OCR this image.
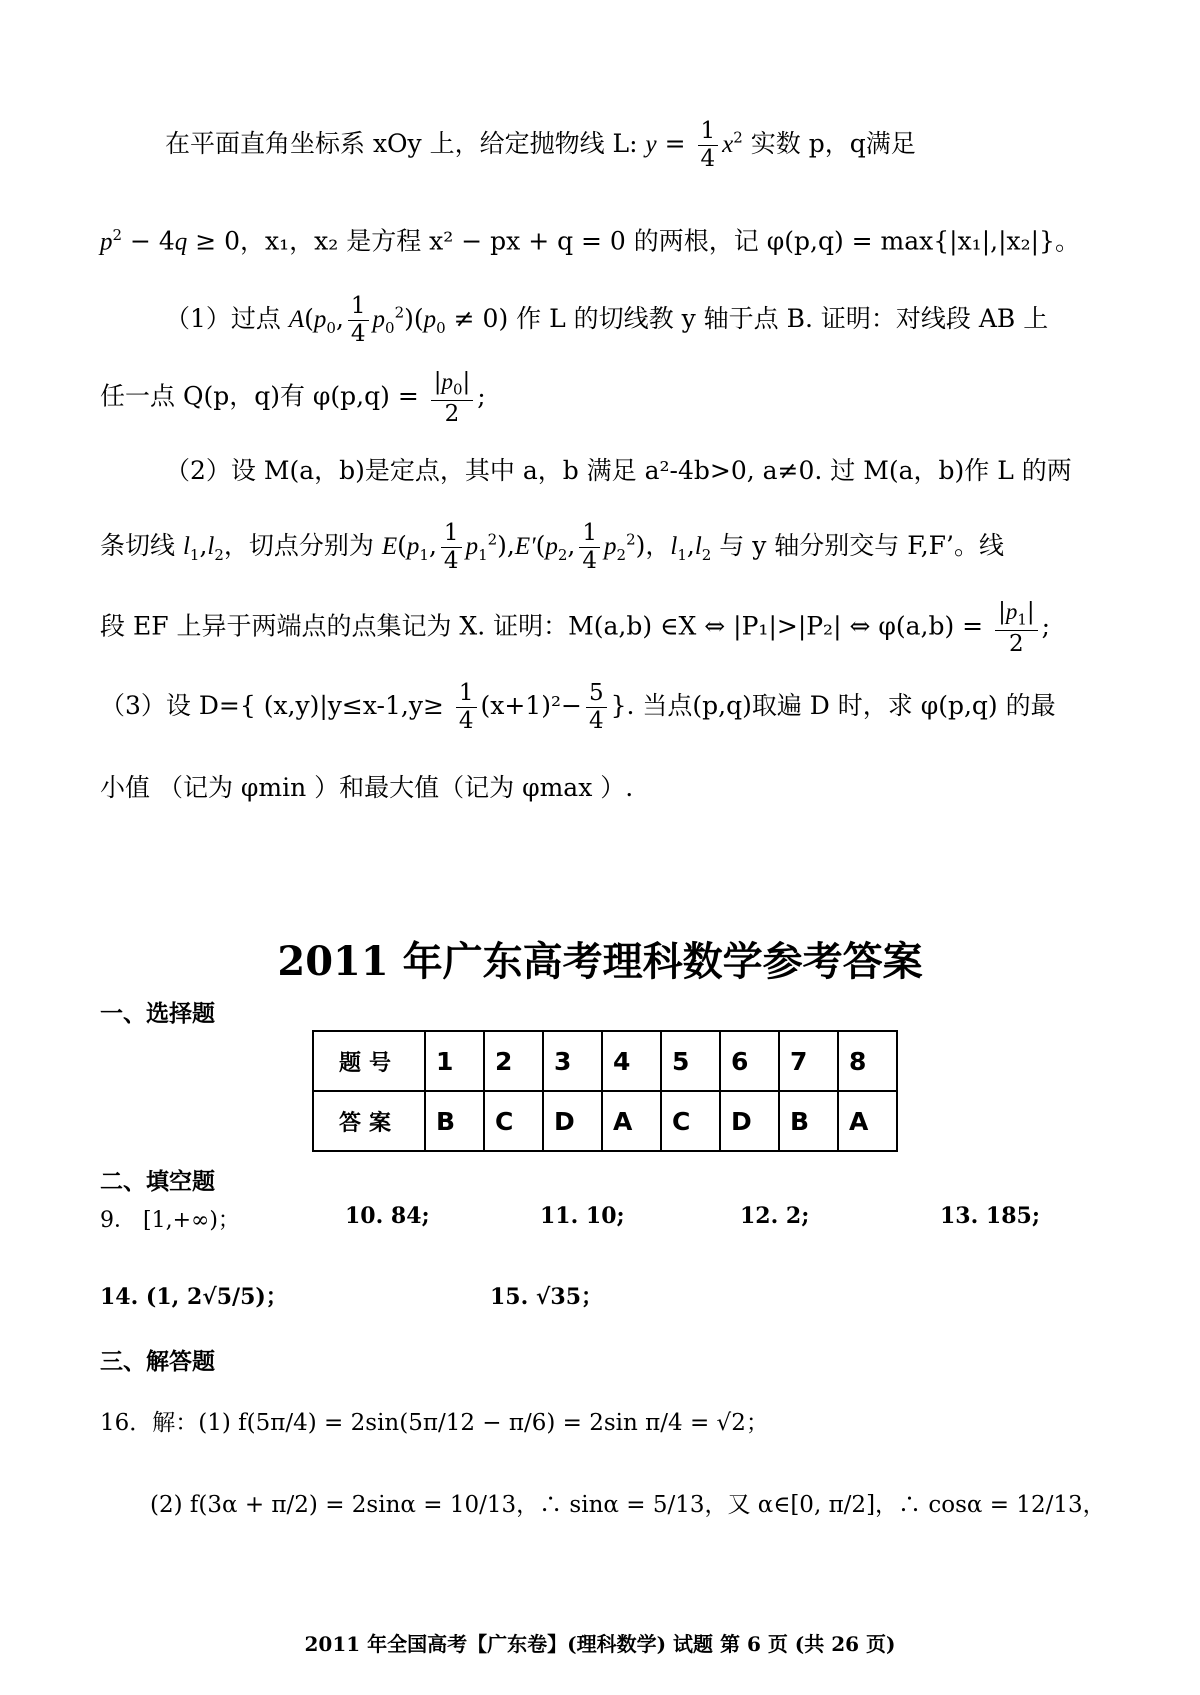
在平面直角坐标系 xOy 上，给定抛物线 L: $y = \frac{1}{4} x^2$ 实数 p，q满足
$p^2 - 4q \ge 0$，x₁，x₂ 是方程 x² − px + q = 0 的两根，记 φ(p,q) = max{|x₁|,|x₂|}。
（1）过点 $A(p_0$, $\frac{1}{4} p_0^2)(p_0 \ne 0)$ 作 L 的切线教 y 轴于点 B. 证明：对线段 AB 上
任一点 Q(p，q)有 $\varphi(p,q) = \frac{|p_0|}{2}$ ;
（2）设 M(a，b)是定点，其中 a，b 满足 a²-4b>0, a≠0. 过 M(a，b)作 L 的两
条切线 $l_1,l_2$，切点分别为 $E(p_1$, $\frac{1}{4} p_1^2),E'(p_2$, $\frac{1}{4} p_2^2$)，$l_1,l_2$ 与 y 轴分别交与 F,F’。线
段 EF 上异于两端点的点集记为 X. 证明：M(a,b) ∈X ⇔ |P₁|>|P₂| ⇔ $\varphi(a,b) = \frac{|p_1|}{2}$ ;
（3）设 D={ $(x,y)|y\le x-1,y\ge \frac{1}{4} (x+1)^2- \frac{5}{4}$ }. 当点(p,q)取遍 D 时，求 φ(p,q) 的最
小值 （记为 φmin ）和最大值（记为 φmax ）.
2011 年广东高考理科数学参考答案
一、选择题
题号	1	2	3	4	5	6	7	8
答案	B	C	D	A	C	D	B	A
二、填空题
9． [1,+∞)；	10. 84;	11. 10;	12. 2;	13. 185;
14. (1, 2√5/5)；	15. √35；
三、解答题
16．解：(1) f(5π/4) = 2sin(5π/12 − π/6) = 2sin π/4 = √2；
(2) f(3α + π/2) = 2sinα = 10/13，∴ sinα = 5/13，又 α∈[0, π/2]，∴ cosα = 12/13，
2011 年全国高考【广东卷】(理科数学) 试题 第 6 页 (共 26 页)
